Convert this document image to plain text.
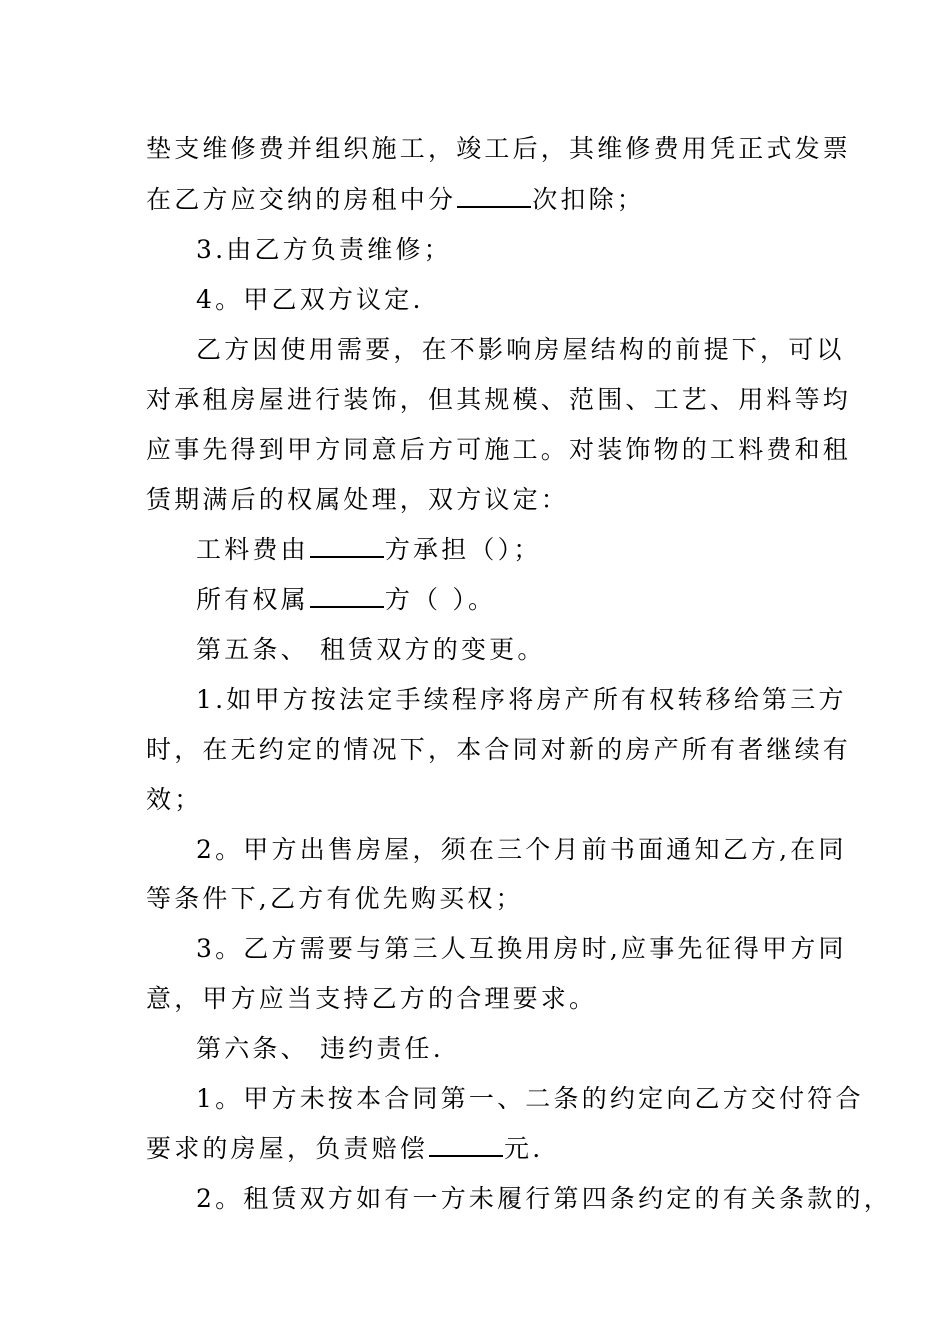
垫支维修费并组织施工，竣工后，其维修费用凭正式发票
在乙方应交纳的房租中分	次扣除；
3.由乙方负责维修；
4。甲乙双方议定.
乙方因使用需要，在不影响房屋结构的前提下，可以
对承租房屋进行装饰，但其规模、范围、工艺、用料等均
应事先得到甲方同意后方可施工。对装饰物的工料费和租
赁期满后的权属处理，双方议定：
工料费由	方承担（）；
所有权属	方（ ）。
第五条、 租赁双方的变更。
1.如甲方按法定手续程序将房产所有权转移给第三方
时，在无约定的情况下，本合同对新的房产所有者继续有
效；
2。甲方出售房屋，须在三个月前书面通知乙方,在同
等条件下,乙方有优先购买权；
3。乙方需要与第三人互换用房时,应事先征得甲方同
意，甲方应当支持乙方的合理要求。
第六条、 违约责任.
1。甲方未按本合同第一、二条的约定向乙方交付符合
要求的房屋，负责赔偿	元.
2。租赁双方如有一方未履行第四条约定的有关条款的，
